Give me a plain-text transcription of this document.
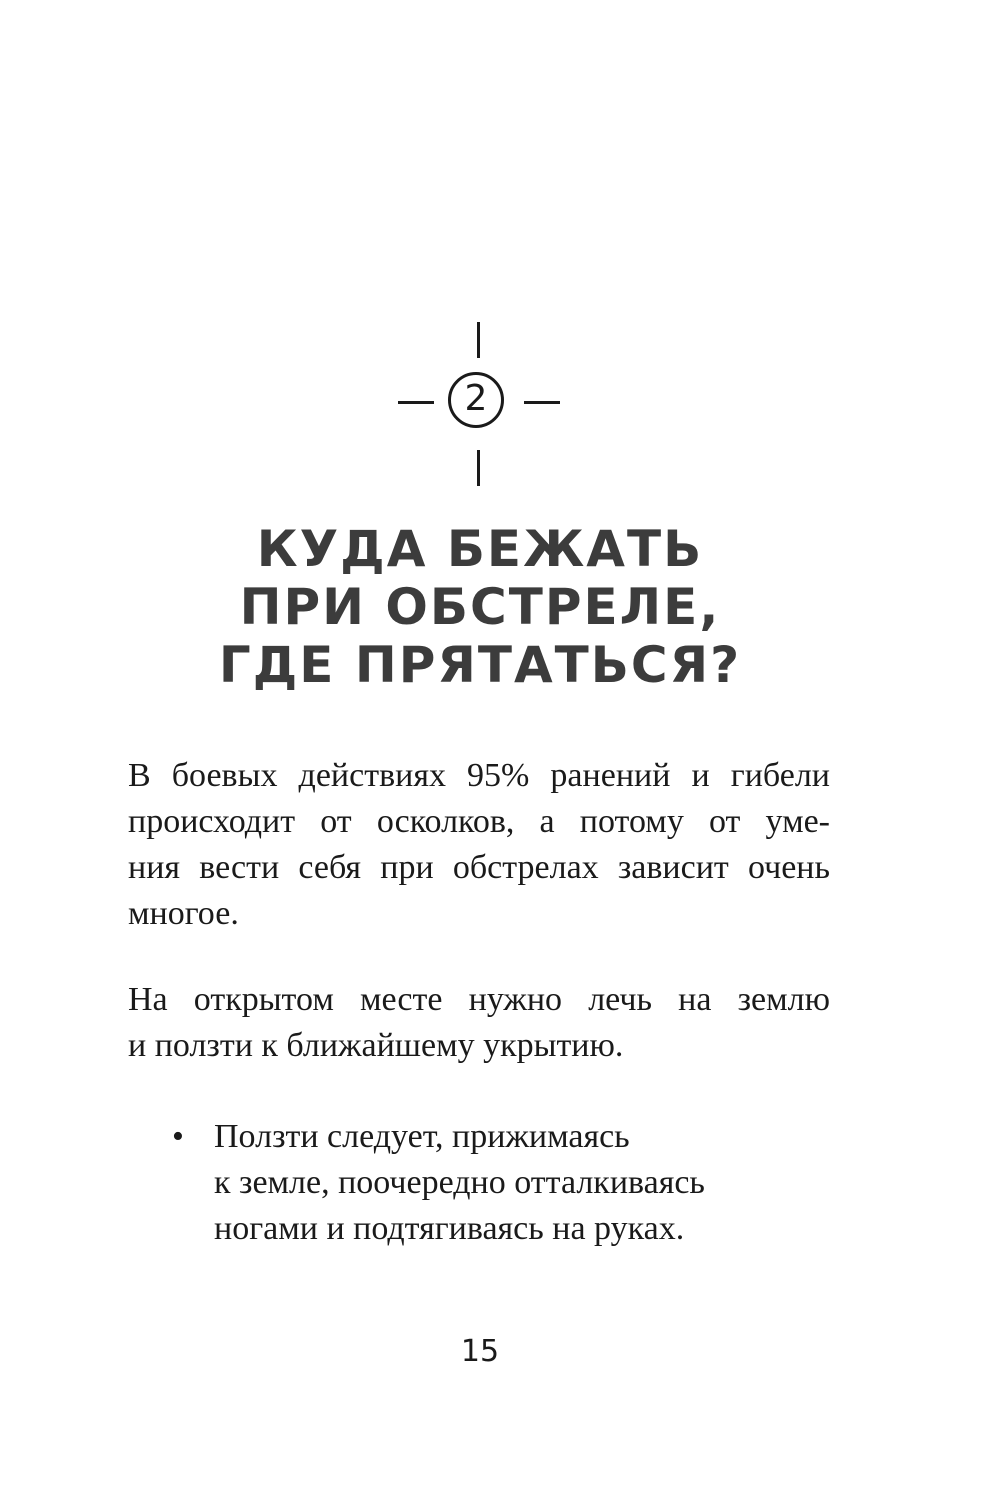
2
КУДА БЕЖАТЬ
ПРИ ОБСТРЕЛЕ,
ГДЕ ПРЯТАТЬСЯ?

В боевых действиях 95% ранений и гибели
происходит от осколков, а потому от уме-
ния вести себя при обстрелах зависит очень
многое.

На открытом месте нужно лечь на землю
и ползти к ближайшему укрытию.

• Ползти следует, прижимаясь
к земле, поочередно отталкиваясь
ногами и подтягиваясь на руках.
15
